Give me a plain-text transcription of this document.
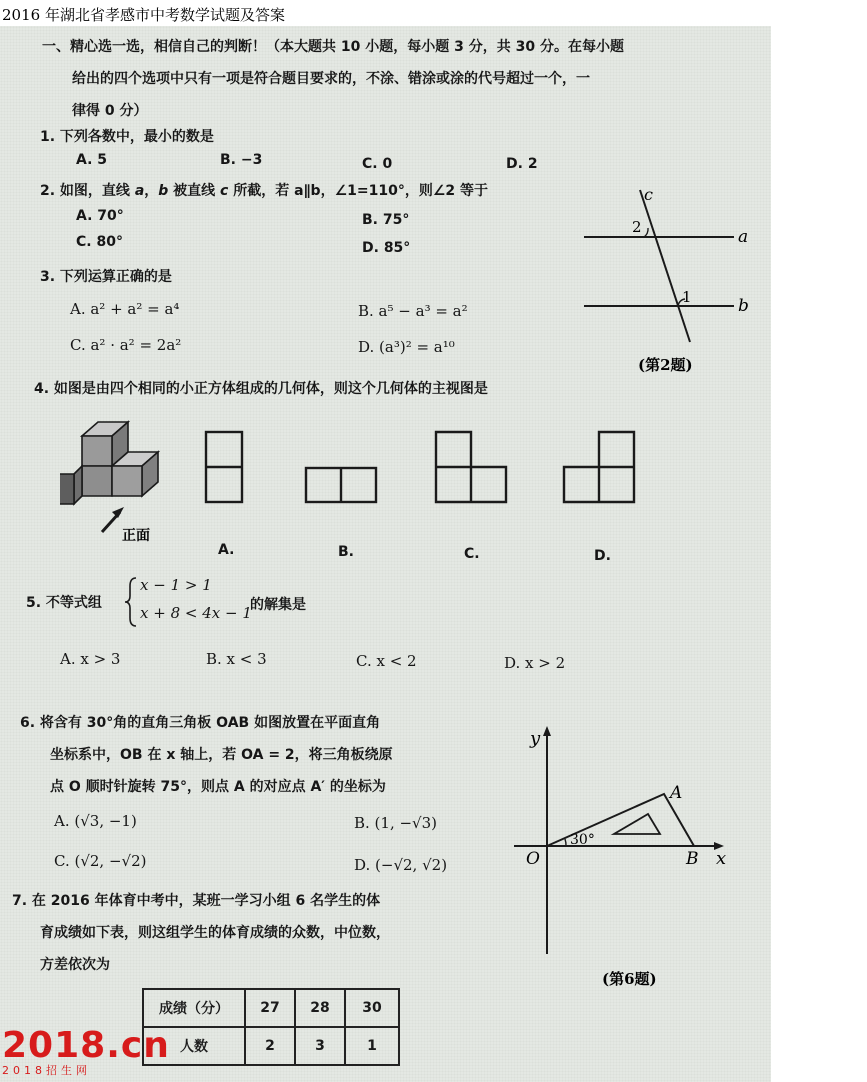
2016 年湖北省孝感市中考数学试题及答案
一、精心选一选，相信自己的判断！（本大题共 10 小题，每小题 3 分，共 30 分。在每小题
给出的四个选项中只有一项是符合题目要求的，不涂、错涂或涂的代号超过一个，一
律得 0 分）
1. 下列各数中，最小的数是
A. 5	B. −3	C. 0	D. 2
2. 如图，直线 a，b 被直线 c 所截，若 a∥b，∠1=110°，则∠2 等于
A. 70°	B. 75°
C. 80°	D. 85°
c
a
b
2
1
(第2题)
3. 下列运算正确的是
A. a² + a² = a⁴	B. a⁵ − a³ = a²
C. a² · a² = 2a²	D. (a³)² = a¹⁰
4. 如图是由四个相同的小正方体组成的几何体，则这个几何体的主视图是
正面
A.	B.	C.	D.
5. 不等式组
x − 1 > 1
x + 8 < 4x − 1
的解集是
A. x > 3	B. x < 3	C. x < 2	D. x > 2
6. 将含有 30°角的直角三角板 OAB 如图放置在平面直角
坐标系中，OB 在 x 轴上，若 OA = 2，将三角板绕原
点 O 顺时针旋转 75°，则点 A 的对应点 A′ 的坐标为
A. (√3, −1)	B. (1, −√3)
C. (√2, −√2)	D. (−√2, √2)
y
x
A
O	B
30°
(第6题)
7. 在 2016 年体育中考中，某班一学习小组 6 名学生的体
育成绩如下表，则这组学生的体育成绩的众数，中位数，
方差依次为
成绩（分）	27	28	30
人数	2	3	1
2018.cn
2018招生网
